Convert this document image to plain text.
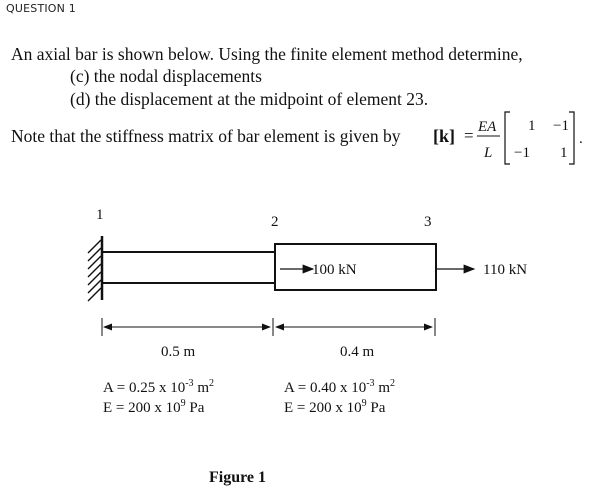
QUESTION 1
An axial bar is shown below. Using the finite element method determine,
(c) the nodal displacements
(d) the displacement at the midpoint of element 23.
Note that the stiffness matrix of bar element is given by [k] = EA
L
1 −1
−1 1
.
1	2	3
100 kN	110 kN
0.5 m	0.4 m
A = 0.25 x $10^{-3}$ $m^2$
E = 200 x $10^9$ Pa
A = 0.40 x $10^{-3}$ $m^2$
E = 200 x $10^9$ Pa
Figure 1
